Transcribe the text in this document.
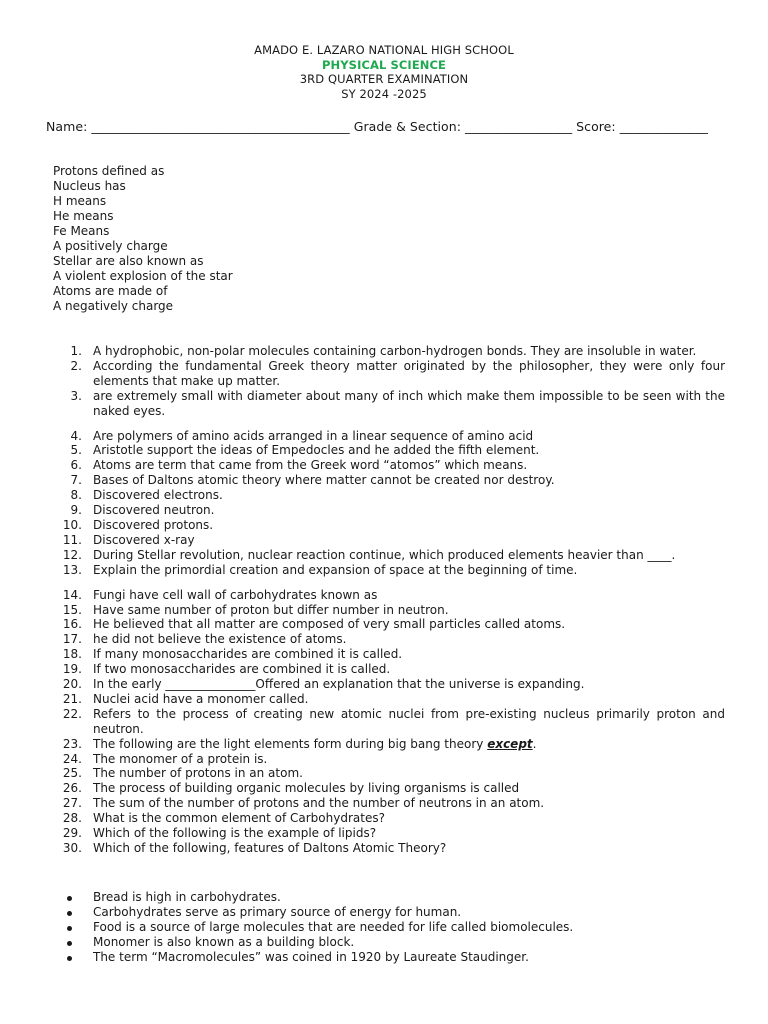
AMADO E. LAZARO NATIONAL HIGH SCHOOL
PHYSICAL SCIENCE
3RD QUARTER EXAMINATION
SY 2024 -2025
Name: _________________________________________ Grade & Section: _________________ Score: ______________
Protons defined as
Nucleus has
H means
He means
Fe Means
A positively charge
Stellar are also known as
A violent explosion of the star
Atoms are made of
A negatively charge
1. A hydrophobic, non-polar molecules containing carbon-hydrogen bonds. They are insoluble in water.
2. According the fundamental Greek theory matter originated by the philosopher, they were only four elements that make up matter.
3. are extremely small with diameter about many of inch which make them impossible to be seen with the naked eyes.
4. Are polymers of amino acids arranged in a linear sequence of amino acid
5. Aristotle support the ideas of Empedocles and he added the fifth element.
6. Atoms are term that came from the Greek word “atomos” which means.
7. Bases of Daltons atomic theory where matter cannot be created nor destroy.
8. Discovered electrons.
9. Discovered neutron.
10. Discovered protons.
11. Discovered x-ray
12. During Stellar revolution, nuclear reaction continue, which produced elements heavier than ____.
13. Explain the primordial creation and expansion of space at the beginning of time.
14. Fungi have cell wall of carbohydrates known as
15. Have same number of proton but differ number in neutron.
16. He believed that all matter are composed of very small particles called atoms.
17. he did not believe the existence of atoms.
18. If many monosaccharides are combined it is called.
19. If two monosaccharides are combined it is called.
20. In the early _______________Offered an explanation that the universe is expanding.
21. Nuclei acid have a monomer called.
22. Refers to the process of creating new atomic nuclei from pre-existing nucleus primarily proton and neutron.
23. The following are the light elements form during big bang theory except.
24. The monomer of a protein is.
25. The number of protons in an atom.
26. The process of building organic molecules by living organisms is called
27. The sum of the number of protons and the number of neutrons in an atom.
28. What is the common element of Carbohydrates?
29. Which of the following is the example of lipids?
30. Which of the following, features of Daltons Atomic Theory?
Bread is high in carbohydrates.
Carbohydrates serve as primary source of energy for human.
Food is a source of large molecules that are needed for life called biomolecules.
Monomer is also known as a building block.
The term “Macromolecules” was coined in 1920 by Laureate Staudinger.
